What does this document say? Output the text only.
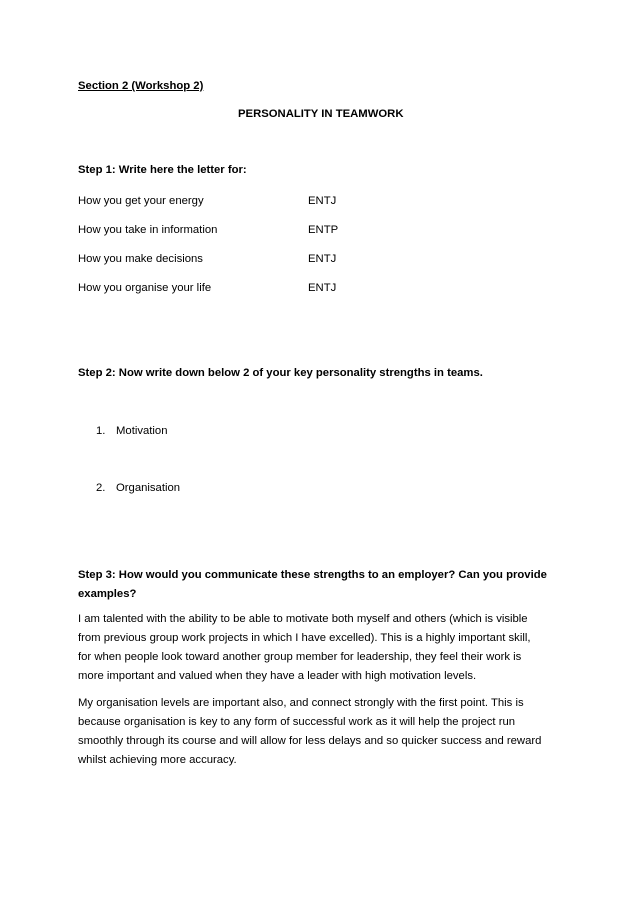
Section 2 (Workshop 2)
PERSONALITY IN TEAMWORK
Step 1: Write here the letter for:
How you get your energy	ENTJ
How you take in information	ENTP
How you make decisions	ENTJ
How you organise your life	ENTJ
Step 2: Now write down below 2 of your key personality strengths in teams.
1. Motivation
2. Organisation
Step 3: How would you communicate these strengths to an employer? Can you provide
examples?
I am talented with the ability to be able to motivate both myself and others (which is visible
from previous group work projects in which I have excelled). This is a highly important skill,
for when people look toward another group member for leadership, they feel their work is
more important and valued when they have a leader with high motivation levels.
My organisation levels are important also, and connect strongly with the first point. This is
because organisation is key to any form of successful work as it will help the project run
smoothly through its course and will allow for less delays and so quicker success and reward
whilst achieving more accuracy.
